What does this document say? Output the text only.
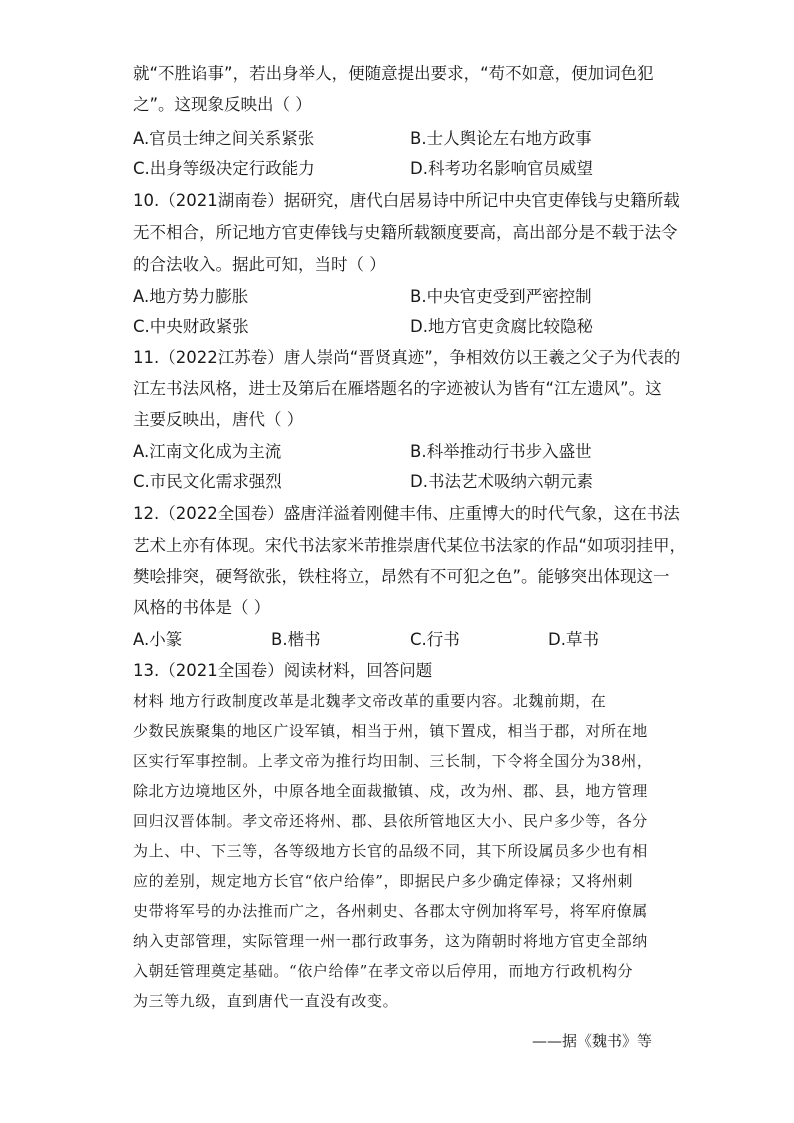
就“不胜谄事”，若出身举人，便随意提出要求，“苟不如意，便加词色犯
之”。这现象反映出（ ）
A.官员士绅之间关系紧张	B.士人舆论左右地方政事
C.出身等级决定行政能力	D.科考功名影响官员威望
10.（2021湖南卷）据研究，唐代白居易诗中所记中央官吏俸钱与史籍所载
无不相合，所记地方官吏俸钱与史籍所载额度要高，高出部分是不载于法令
的合法收入。据此可知，当时（ ）
A.地方势力膨胀	B.中央官吏受到严密控制
C.中央财政紧张	D.地方官吏贪腐比较隐秘
11.（2022江苏卷）唐人崇尚“晋贤真迹”，争相效仿以王羲之父子为代表的
江左书法风格，进士及第后在雁塔题名的字迹被认为皆有“江左遗风”。这
主要反映出，唐代（ ）
A.江南文化成为主流	B.科举推动行书步入盛世
C.市民文化需求强烈	D.书法艺术吸纳六朝元素
12.（2022全国卷）盛唐洋溢着刚健丰伟、庄重博大的时代气象，这在书法
艺术上亦有体现。宋代书法家米芾推崇唐代某位书法家的作品“如项羽挂甲，
樊哙排突，硬弩欲张，铁柱将立，昂然有不可犯之色”。能够突出体现这一
风格的书体是（ ）
A.小篆	B.楷书	C.行书	D.草书
13.（2021全国卷）阅读材料，回答问题
材料 地方行政制度改革是北魏孝文帝改革的重要内容。北魏前期，在
少数民族聚集的地区广设军镇，相当于州，镇下置戍，相当于郡，对所在地
区实行军事控制。上孝文帝为推行均田制、三长制，下令将全国分为38州，
除北方边境地区外，中原各地全面裁撤镇、戍，改为州、郡、县，地方管理
回归汉晋体制。孝文帝还将州、郡、县依所管地区大小、民户多少等，各分
为上、中、下三等，各等级地方长官的品级不同，其下所设属员多少也有相
应的差别，规定地方长官“依户给俸”，即据民户多少确定俸禄；又将州刺
史带将军号的办法推而广之，各州刺史、各郡太守例加将军号，将军府僚属
纳入吏部管理，实际管理一州一郡行政事务，这为隋朝时将地方官吏全部纳
入朝廷管理奠定基础。“依户给俸”在孝文帝以后停用，而地方行政机构分
为三等九级，直到唐代一直没有改变。
——据《魏书》等
